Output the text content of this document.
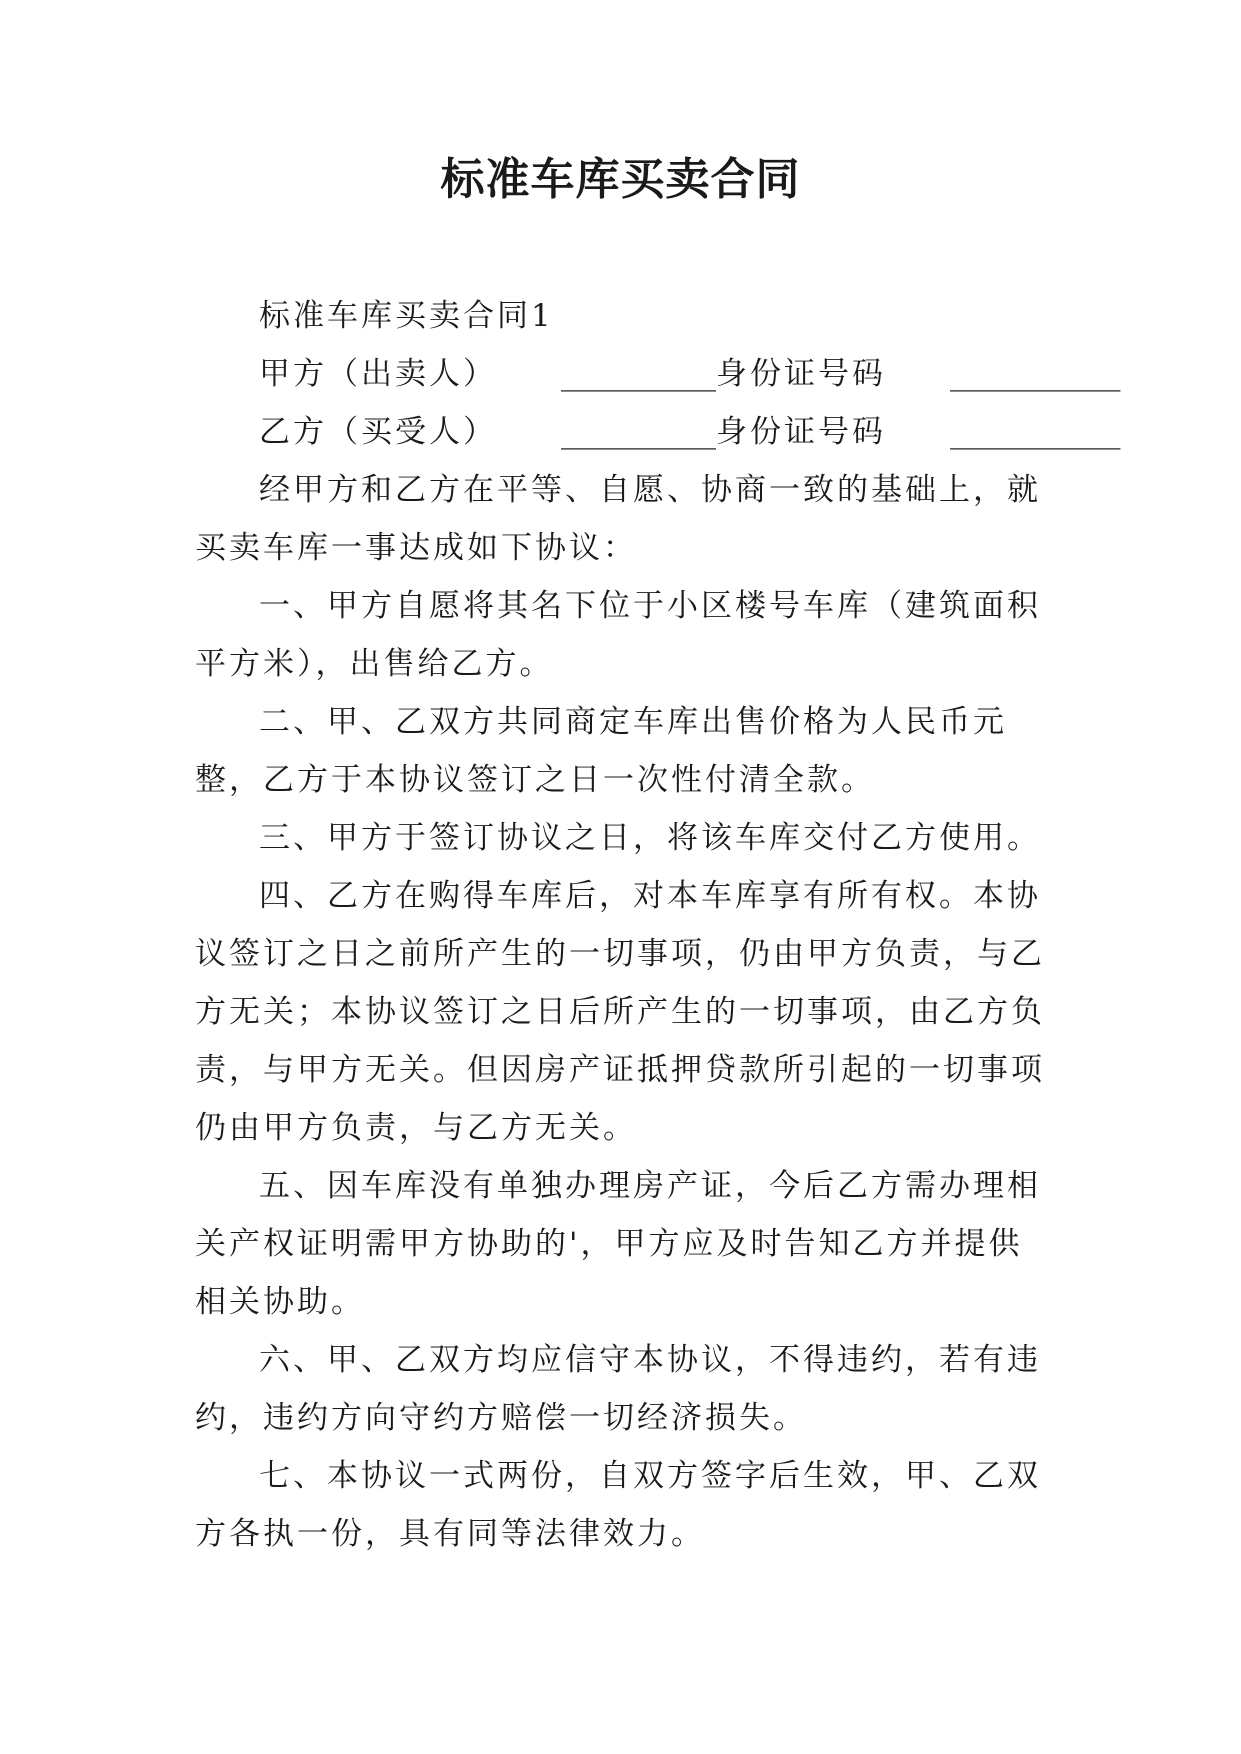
标准车库买卖合同

标准车库买卖合同1

甲方（出卖人） __________身份证号码 ___________

乙方（买受人） __________身份证号码 ___________

经甲方和乙方在平等、自愿、协商一致的基础上，就买卖车库一事达成如下协议：

一、甲方自愿将其名下位于小区楼号车库（建筑面积平方米），出售给乙方。

二、甲、乙双方共同商定车库出售价格为人民币元整，乙方于本协议签订之日一次性付清全款。

三、甲方于签订协议之日，将该车库交付乙方使用。

四、乙方在购得车库后，对本车库享有所有权。本协议签订之日之前所产生的一切事项，仍由甲方负责，与乙方无关；本协议签订之日后所产生的一切事项，由乙方负责，与甲方无关。但因房产证抵押贷款所引起的一切事项仍由甲方负责，与乙方无关。

五、因车库没有单独办理房产证，今后乙方需办理相关产权证明需甲方协助的'，甲方应及时告知乙方并提供相关协助。

六、甲、乙双方均应信守本协议，不得违约，若有违约，违约方向守约方赔偿一切经济损失。

七、本协议一式两份，自双方签字后生效，甲、乙双方各执一份，具有同等法律效力。
